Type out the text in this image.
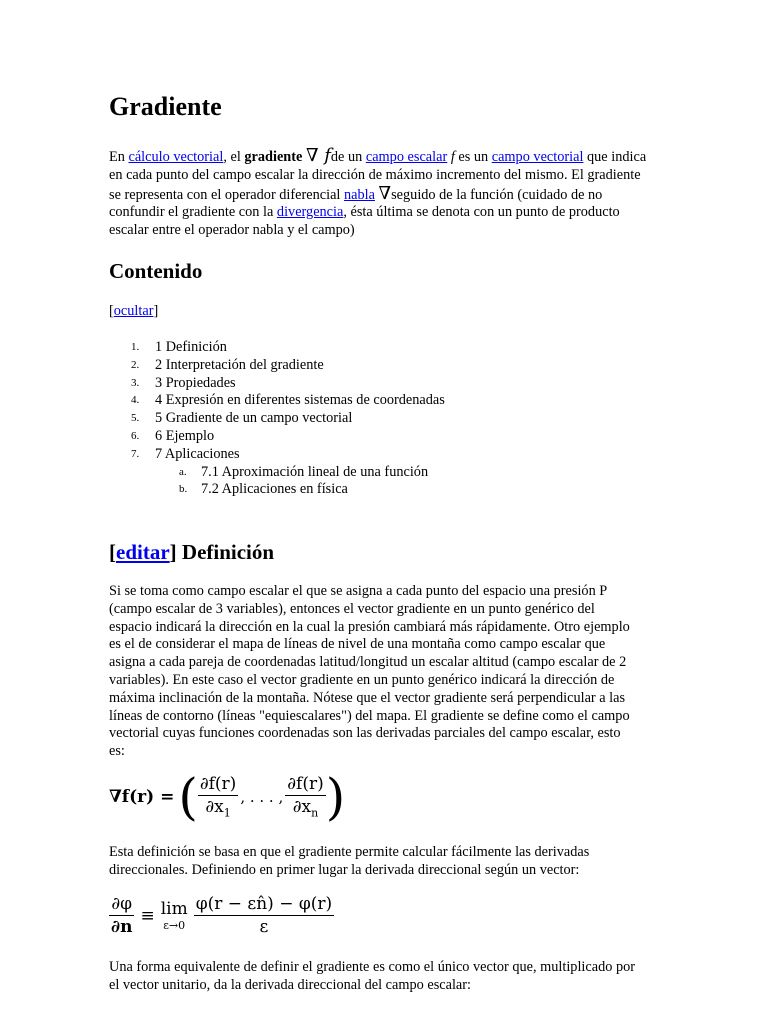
Gradiente

En cálculo vectorial, el gradiente ∇ fde un campo escalar f es un campo vectorial que indica en cada punto del campo escalar la dirección de máximo incremento del mismo. El gradiente se representa con el operador diferencial nabla ∇seguido de la función (cuidado de no confundir el gradiente con la divergencia, ésta última se denota con un punto de producto escalar entre el operador nabla y el campo)

Contenido

[ocultar]

1. 1 Definición
2. 2 Interpretación del gradiente
3. 3 Propiedades
4. 4 Expresión en diferentes sistemas de coordenadas
5. 5 Gradiente de un campo vectorial
6. 6 Ejemplo
7. 7 Aplicaciones
a. 7.1 Aproximación lineal de una función
b. 7.2 Aplicaciones en física
[editar] Definición

Si se toma como campo escalar el que se asigna a cada punto del espacio una presión P (campo escalar de 3 variables), entonces el vector gradiente en un punto genérico del espacio indicará la dirección en la cual la presión cambiará más rápidamente. Otro ejemplo es el de considerar el mapa de líneas de nivel de una montaña como campo escalar que asigna a cada pareja de coordenadas latitud/longitud un escalar altitud (campo escalar de 2 variables). En este caso el vector gradiente en un punto genérico indicará la dirección de máxima inclinación de la montaña. Nótese que el vector gradiente será perpendicular a las líneas de contorno (líneas "equiescalares") del mapa. El gradiente se define como el campo vectorial cuyas funciones coordenadas son las derivadas parciales del campo escalar, esto es:

∇f(r) = ( $\frac{\partial f(r)}{\partial x_1}$ , . . . , $\frac{\partial f(r)}{\partial x_n}$ )

Esta definición se basa en que el gradiente permite calcular fácilmente las derivadas direccionales. Definiendo en primer lugar la derivada direccional según un vector:

$\frac{\partial\varphi}{\partial n} \equiv \lim$
$\varepsilon\to 0 \frac{\varphi(r - \varepsilon n̂) - \varphi(r)}{\varepsilon}$

Una forma equivalente de definir el gradiente es como el único vector que, multiplicado por el vector unitario, da la derivada direccional del campo escalar:
